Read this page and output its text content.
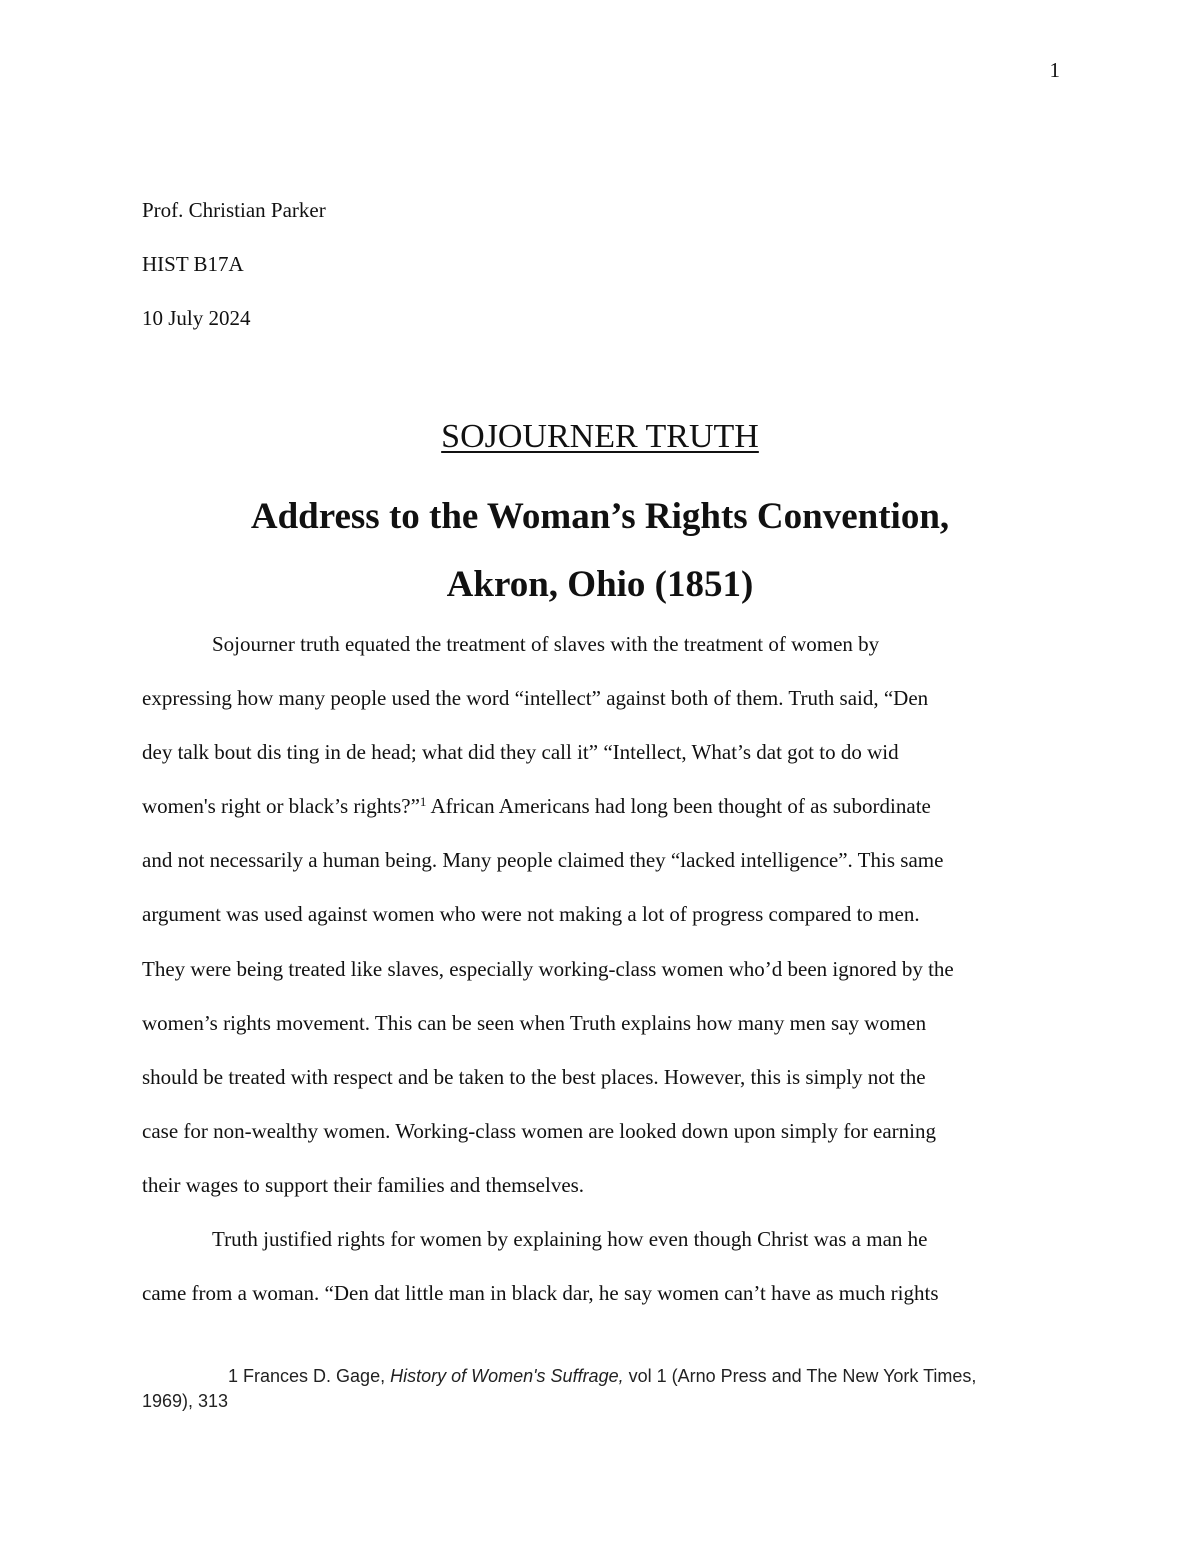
1
Prof. Christian Parker
HIST B17A
10 July 2024
SOJOURNER TRUTH
Address to the Woman’s Rights Convention,
Akron, Ohio (1851)
Sojourner truth equated the treatment of slaves with the treatment of women by
expressing how many people used the word “intellect” against both of them. Truth said, “Den
dey talk bout dis ting in de head; what did they call it” “Intellect, What’s dat got to do wid
women's right or black’s rights?”$^1$ African Americans had long been thought of as subordinate
and not necessarily a human being. Many people claimed they “lacked intelligence”. This same
argument was used against women who were not making a lot of progress compared to men.
They were being treated like slaves, especially working-class women who’d been ignored by the
women’s rights movement. This can be seen when Truth explains how many men say women
should be treated with respect and be taken to the best places. However, this is simply not the
case for non-wealthy women. Working-class women are looked down upon simply for earning
their wages to support their families and themselves.
Truth justified rights for women by explaining how even though Christ was a man he
came from a woman. “Den dat little man in black dar, he say women can’t have as much rights
1 Frances D. Gage, History of Women's Suffrage, vol 1 (Arno Press and The New York Times,
1969), 313
